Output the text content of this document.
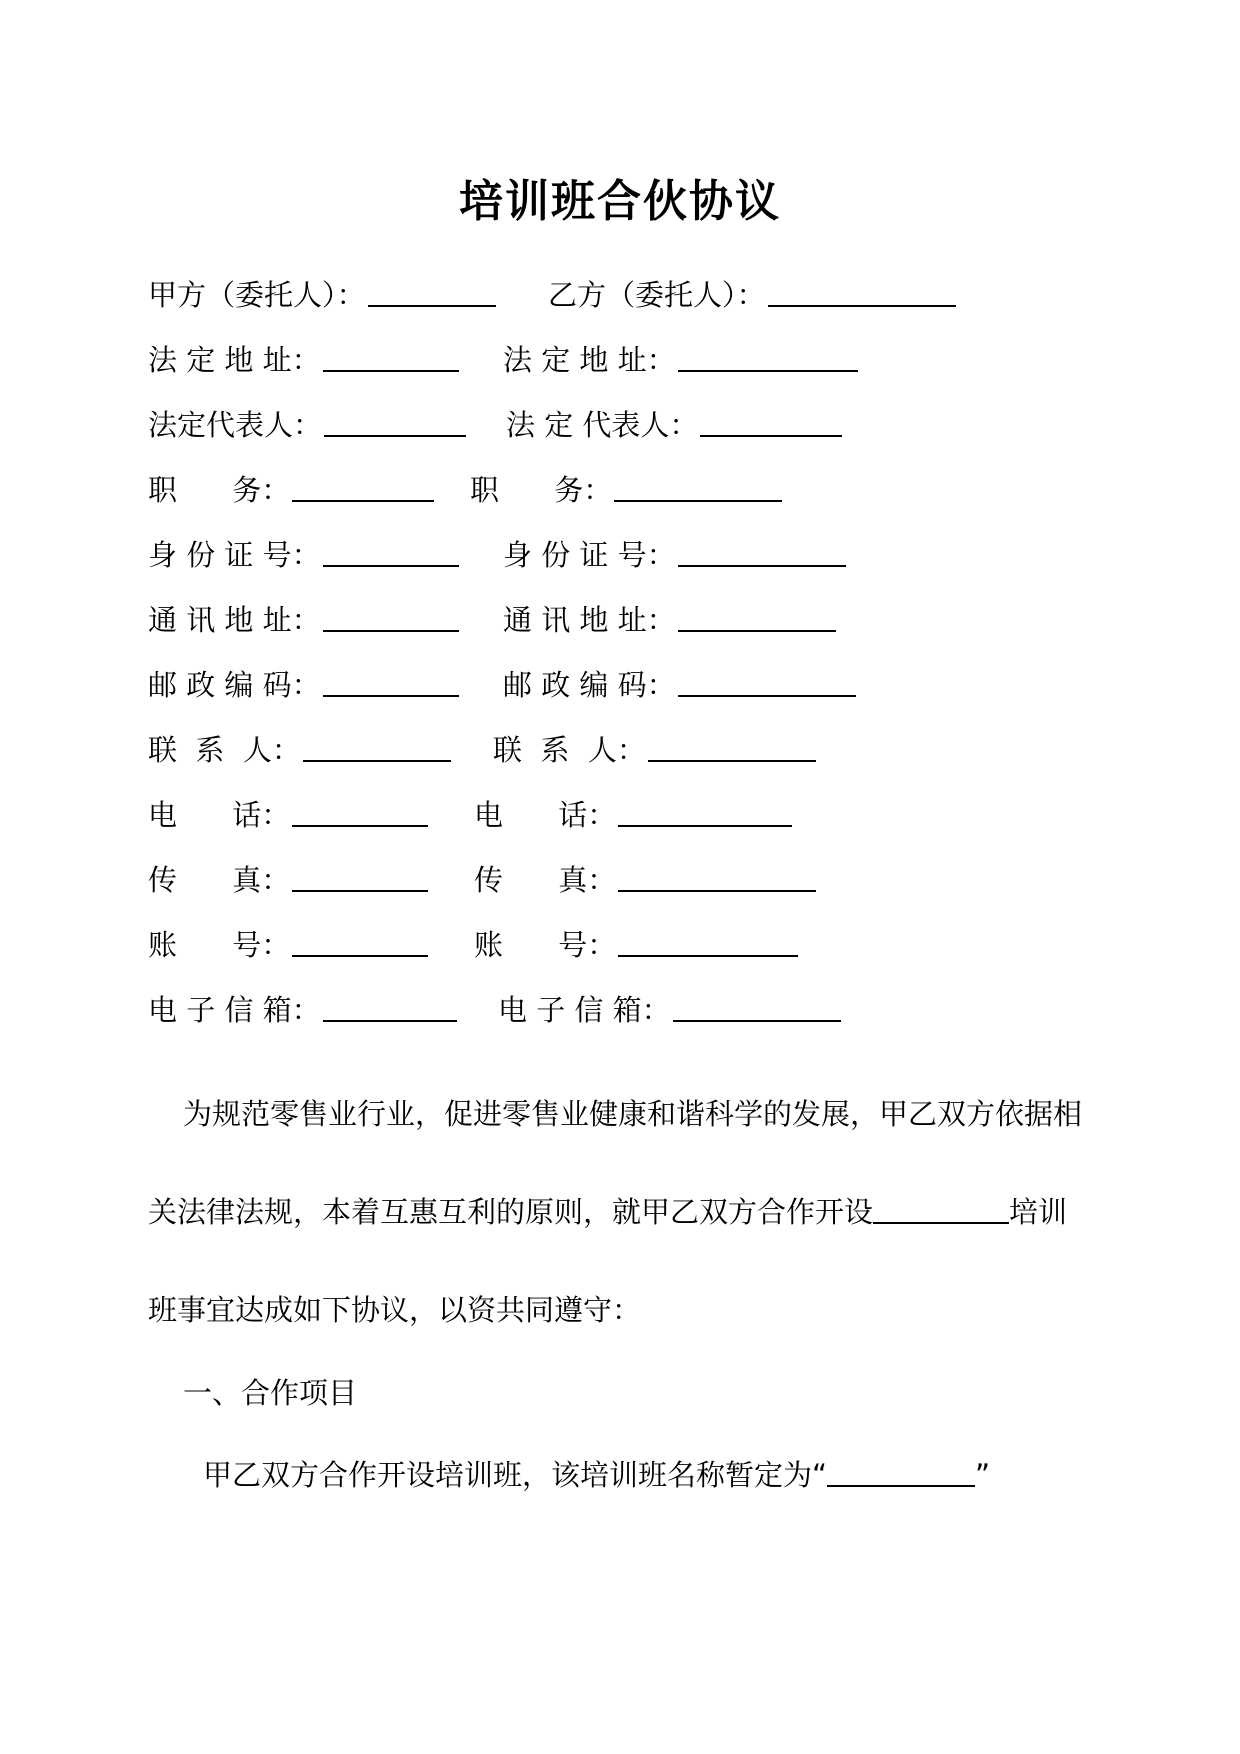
培训班合伙协议
甲方（委托人）：	乙方（委托人）：
法 定 地 址：	法 定 地 址：
法定代表人：	法 定 代表人：
职      务：	职      务：
身 份 证 号：	身 份 证 号：
通 讯 地 址：	通 讯 地 址：
邮 政 编 码：	邮 政 编 码：
联  系  人：	联  系  人：
电      话：	电      话：
传      真：	传      真：
账      号：	账      号：
电 子 信 箱：	电 子 信 箱：
为规范零售业行业，促进零售业健康和谐科学的发展，甲乙双方依据相
关法律法规，本着互惠互利的原则，就甲乙双方合作开设	培训
班事宜达成如下协议，以资共同遵守：
一、合作项目
甲乙双方合作开设培训班，该培训班名称暂定为“	”
